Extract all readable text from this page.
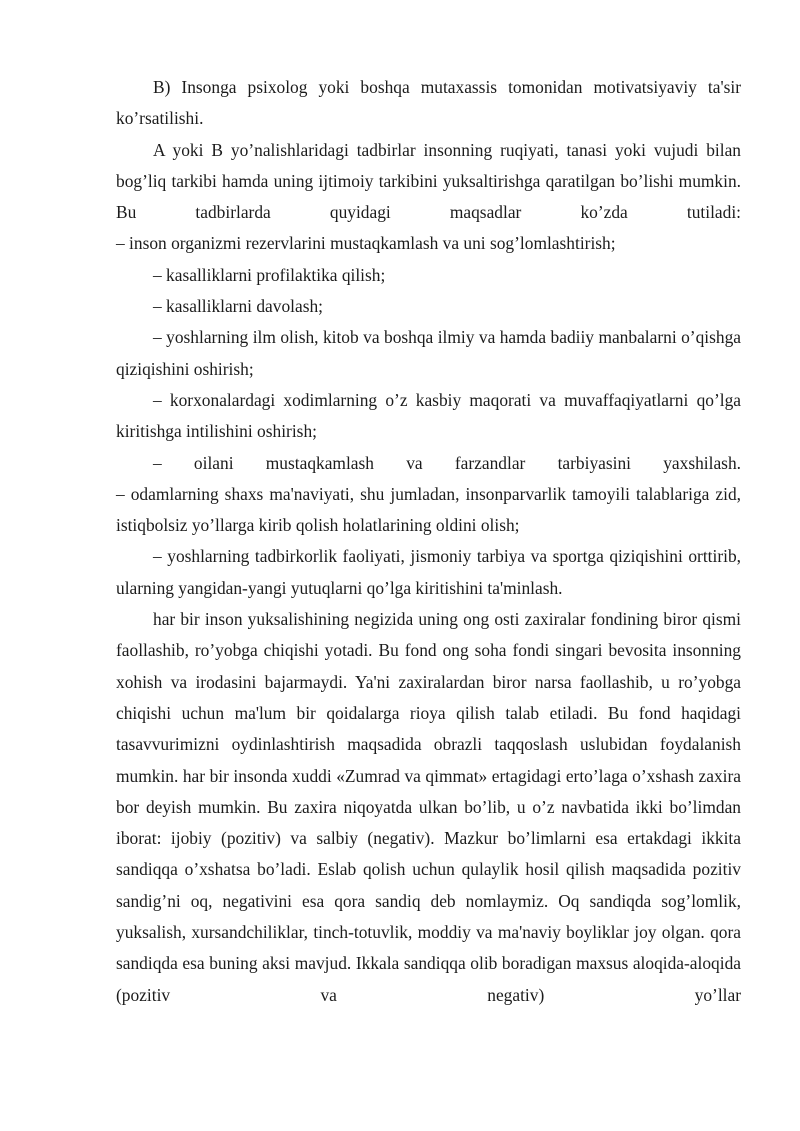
B) Insonga psixolog yoki boshqa mutaxassis tomonidan motivatsiyaviy ta'sir ko’rsatilishi.

A yoki B yo’nalishlaridagi tadbirlar insonning ruqiyati, tanasi yoki vujudi bilan bog’liq tarkibi hamda uning ijtimoiy tarkibini yuksaltirishga qaratilgan bo’lishi mumkin. Bu tadbirlarda quyidagi maqsadlar ko’zda tutiladi:

– inson organizmi rezervlarini mustaqkamlash va uni sog’lomlashtirish;

– kasalliklarni profilaktika qilish;

– kasalliklarni davolash;

– yoshlarning ilm olish, kitob va boshqa ilmiy va hamda badiiy manbalarni o’qishga qiziqishini oshirish;

– korxonalardagi xodimlarning o’z kasbiy maqorati va muvaffaqiyatlarni qo’lga kiritishga intilishini oshirish;

– oilani mustaqkamlash va farzandlar tarbiyasini yaxshilash.

– odamlarning shaxs ma'naviyati, shu jumladan, insonparvarlik tamoyili talablariga zid, istiqbolsiz yo’llarga kirib qolish holatlarining oldini olish;

– yoshlarning tadbirkorlik faoliyati, jismoniy tarbiya va sportga qiziqishini orttirib, ularning yangidan-yangi yutuqlarni qo’lga kiritishini ta'minlash.

har bir inson yuksalishining negizida uning ong osti zaxiralar fondining biror qismi faollashib, ro’yobga chiqishi yotadi. Bu fond ong soha fondi singari bevosita insonning xohish va irodasini bajarmaydi. Ya'ni zaxiralardan biror narsa faollashib, u ro’yobga chiqishi uchun ma'lum bir qoidalarga rioya qilish talab etiladi. Bu fond haqidagi tasavvurimizni oydinlashtirish maqsadida obrazli taqqoslash uslubidan foydalanish mumkin. har bir insonda xuddi «Zumrad va qimmat» ertagidagi erto’laga o’xshash zaxira bor deyish mumkin. Bu zaxira niqoyatda ulkan bo’lib, u o’z navbatida ikki bo’limdan iborat: ijobiy (pozitiv) va salbiy (negativ). Mazkur bo’limlarni esa ertakdagi ikkita sandiqqa o’xshatsa bo’ladi. Eslab qolish uchun qulaylik hosil qilish maqsadida pozitiv sandig’ni oq, negativini esa qora sandiq deb nomlaymiz. Oq sandiqda sog’lomlik, yuksalish, xursandchiliklar, tinch-totuvlik, moddiy va ma'naviy boyliklar joy olgan. qora sandiqda esa buning aksi mavjud. Ikkala sandiqqa olib boradigan maxsus aloqida-aloqida (pozitiv va negativ) yo’llar
